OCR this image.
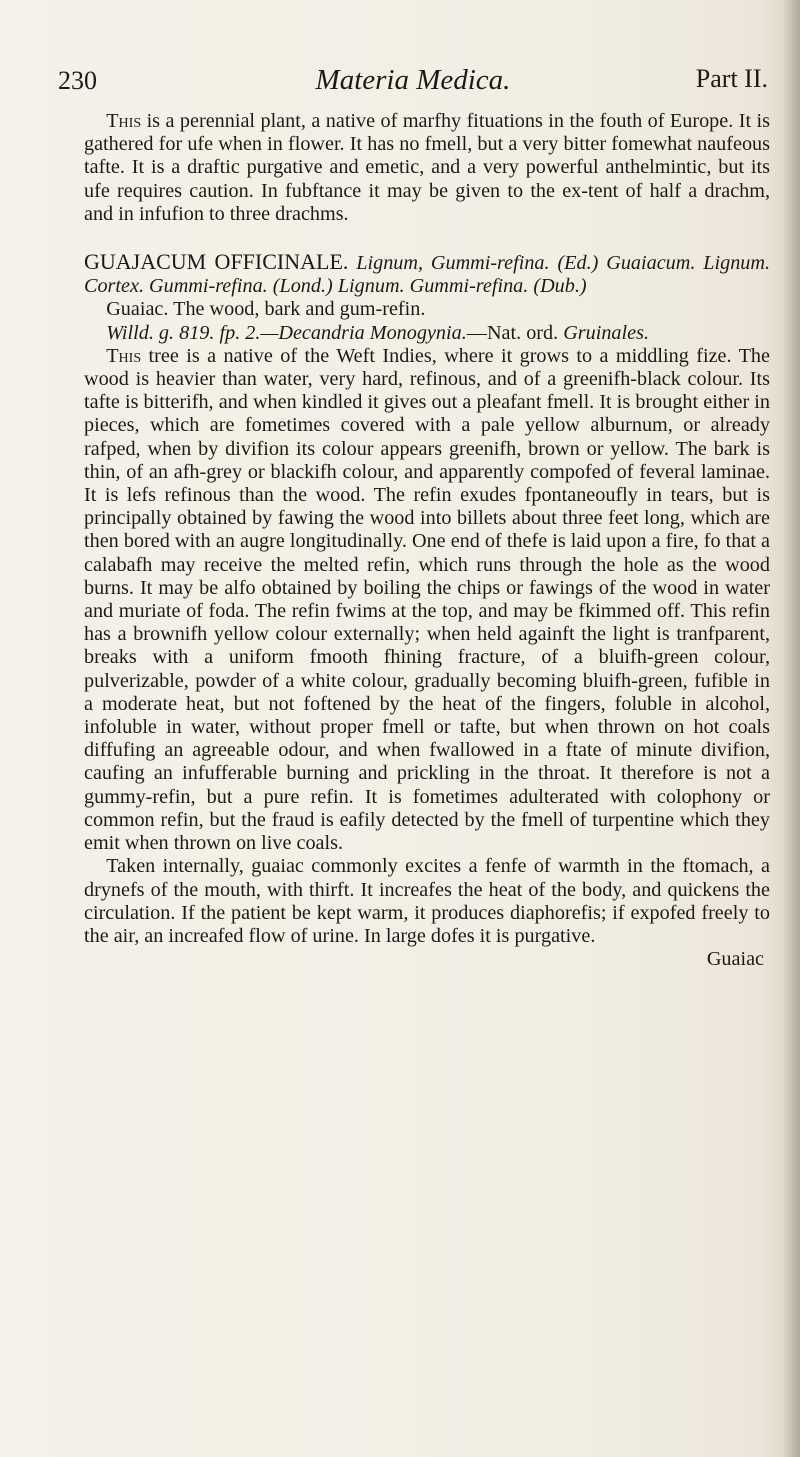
230	Materia Medica.	Part II.

This is a perennial plant, a native of marfhy fituations in the fouth of Europe. It is gathered for ufe when in flower. It has no fmell, but a very bitter fomewhat naufeous tafte. It is a draftic purgative and emetic, and a very powerful anthelmintic, but its ufe requires caution. In fubftance it may be given to the ex-tent of half a drachm, and in infufion to three drachms.

GUAJACUM OFFICINALE. Lignum, Gummi-refina. (Ed.) Guaiacum. Lignum. Cortex. Gummi-refina. (Lond.) Lignum. Gummi-refina. (Dub.)

Guaiac. The wood, bark and gum-refin.

Willd. g. 819. fp. 2.—Decandria Monogynia.—Nat. ord. Gruinales.

This tree is a native of the Weft Indies, where it grows to a middling fize. The wood is heavier than water, very hard, refinous, and of a greenifh-black colour. Its tafte is bitterifh, and when kindled it gives out a pleafant fmell. It is brought either in pieces, which are fometimes covered with a pale yellow alburnum, or already rafped, when by divifion its colour appears greenifh, brown or yellow. The bark is thin, of an afh-grey or blackifh colour, and apparently compofed of feveral laminae. It is lefs refinous than the wood. The refin exudes fpontaneoufly in tears, but is principally obtained by fawing the wood into billets about three feet long, which are then bored with an augre longitudinally. One end of thefe is laid upon a fire, fo that a calabafh may receive the melted refin, which runs through the hole as the wood burns. It may be alfo obtained by boiling the chips or fawings of the wood in water and muriate of foda. The refin fwims at the top, and may be fkimmed off. This refin has a brownifh yellow colour externally; when held againft the light is tranfparent, breaks with a uniform fmooth fhining fracture, of a bluifh-green colour, pulverizable, powder of a white colour, gradually becoming bluifh-green, fufible in a moderate heat, but not foftened by the heat of the fingers, foluble in alcohol, infoluble in water, without proper fmell or tafte, but when thrown on hot coals diffufing an agreeable odour, and when fwallowed in a ftate of minute divifion, caufing an infufferable burning and prickling in the throat. It therefore is not a gummy-refin, but a pure refin. It is fometimes adulterated with colophony or common refin, but the fraud is eafily detected by the fmell of turpentine which they emit when thrown on live coals.

Taken internally, guaiac commonly excites a fenfe of warmth in the ftomach, a drynefs of the mouth, with thirft. It increafes the heat of the body, and quickens the circulation. If the patient be kept warm, it produces diaphorefis; if expofed freely to the air, an increafed flow of urine. In large dofes it is purgative.

Guaiac
